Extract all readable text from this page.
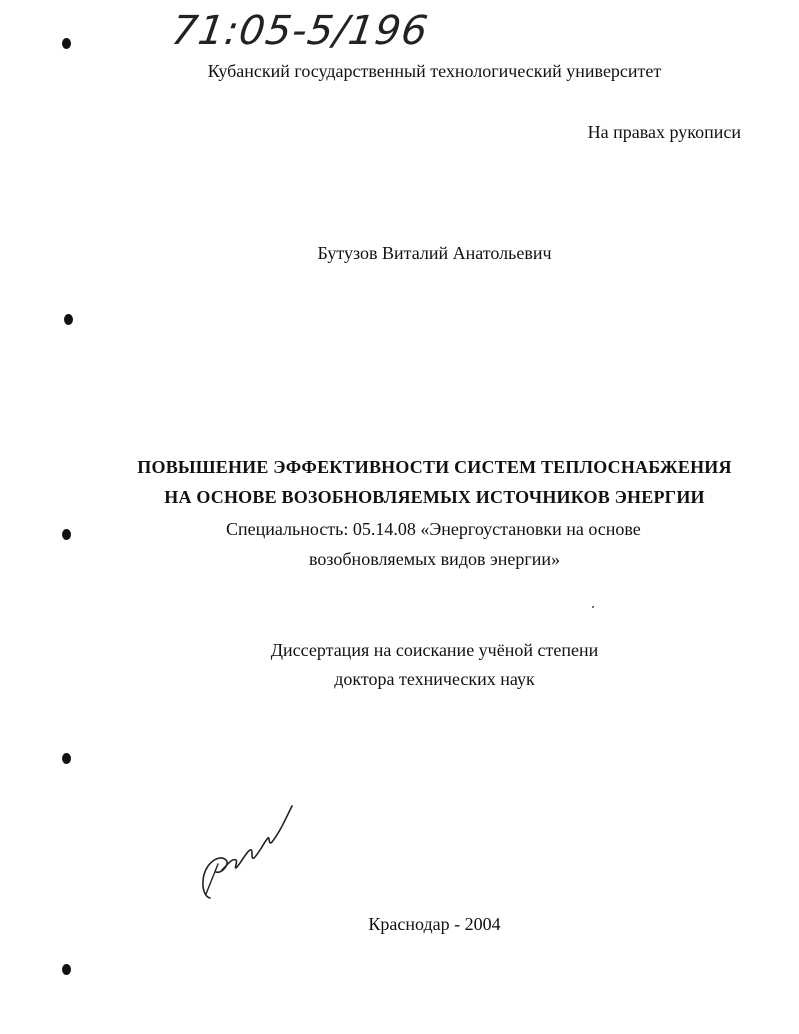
71:05-5/196
Кубанский государственный технологический университет
На правах рукописи
Бутузов Виталий Анатольевич
ПОВЫШЕНИЕ ЭФФЕКТИВНОСТИ СИСТЕМ ТЕПЛОСНАБЖЕНИЯ
НА ОСНОВЕ ВОЗОБНОВЛЯЕМЫХ ИСТОЧНИКОВ ЭНЕРГИИ
Специальность: 05.14.08 «Энергоустановки на основе
возобновляемых видов энергии»
Диссертация на соискание учёной степени
доктора технических наук
Краснодар - 2004
